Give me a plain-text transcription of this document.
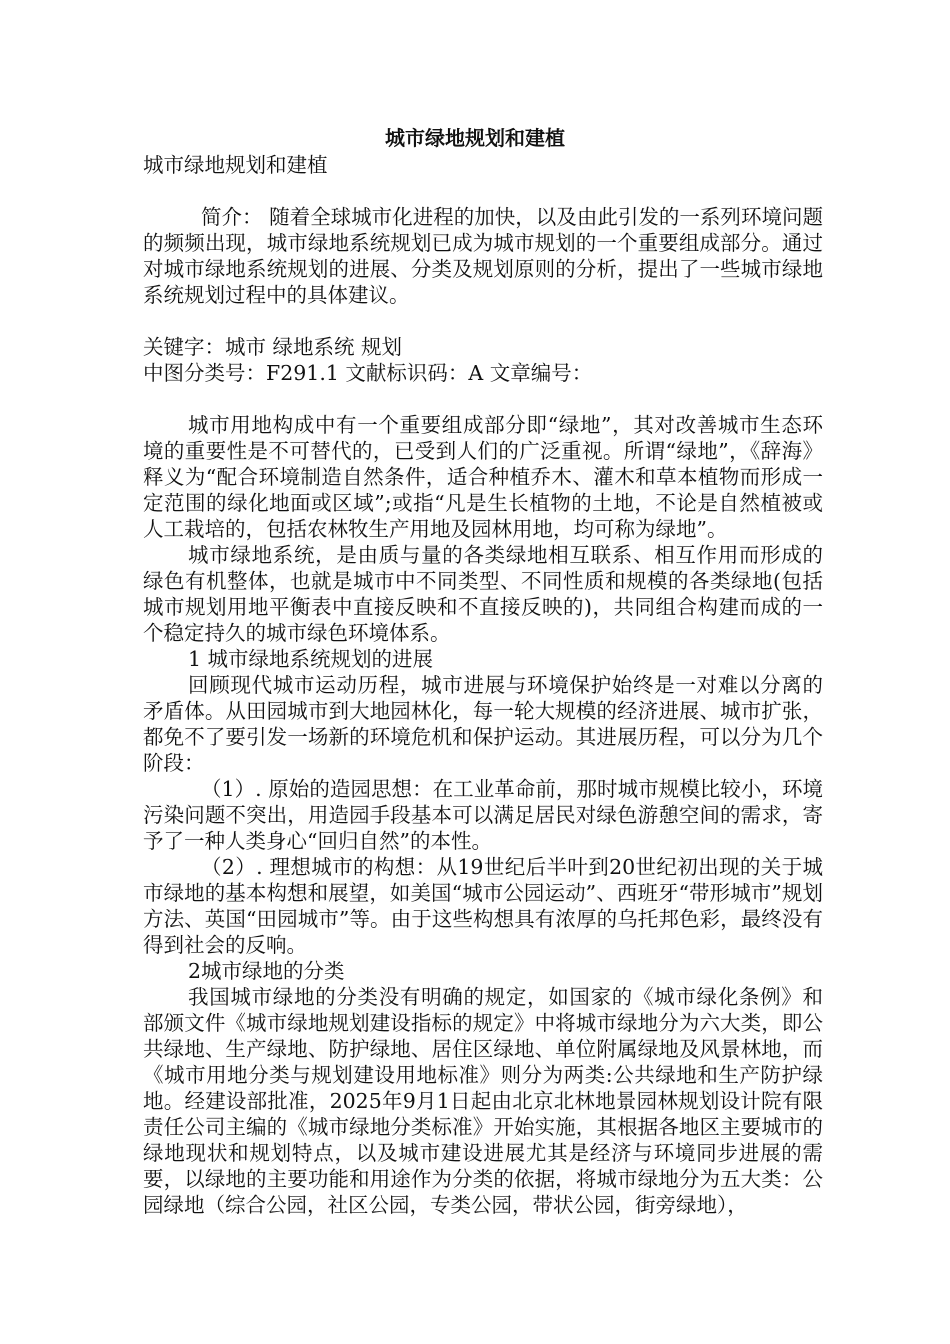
城市绿地规划和建植

城市绿地规划和建植

简介： 随着全球城市化进程的加快，以及由此引发的一系列环境问题的频频出现，城市绿地系统规划已成为城市规划的一个重要组成部分。通过对城市绿地系统规划的进展、分类及规划原则的分析，提出了一些城市绿地系统规划过程中的具体建议。

关键字：城市 绿地系统 规划

中图分类号：F291.1 文献标识码：A 文章编号：

城市用地构成中有一个重要组成部分即“绿地”，其对改善城市生态环境的重要性是不可替代的，已受到人们的广泛重视。所谓“绿地”，《辞海》释义为“配合环境制造自然条件，适合种植乔木、灌木和草本植物而形成一定范围的绿化地面或区域”;或指“凡是生长植物的土地，不论是自然植被或人工栽培的，包括农林牧生产用地及园林用地，均可称为绿地”。

城市绿地系统，是由质与量的各类绿地相互联系、相互作用而形成的绿色有机整体，也就是城市中不同类型、不同性质和规模的各类绿地(包括城市规划用地平衡表中直接反映和不直接反映的)，共同组合构建而成的一个稳定持久的城市绿色环境体系。

1 城市绿地系统规划的进展

回顾现代城市运动历程，城市进展与环境保护始终是一对难以分离的矛盾体。从田园城市到大地园林化，每一轮大规模的经济进展、城市扩张，都免不了要引发一场新的环境危机和保护运动。其进展历程，可以分为几个阶段：

（1）. 原始的造园思想：在工业革命前，那时城市规模比较小，环境污染问题不突出，用造园手段基本可以满足居民对绿色游憩空间的需求，寄予了一种人类身心“回归自然”的本性。

（2）. 理想城市的构想：从19世纪后半叶到20世纪初出现的关于城市绿地的基本构想和展望，如美国“城市公园运动”、西班牙“带形城市”规划方法、英国“田园城市”等。由于这些构想具有浓厚的乌托邦色彩，最终没有得到社会的反响。

2城市绿地的分类

我国城市绿地的分类没有明确的规定，如国家的《城市绿化条例》和部颁文件《城市绿地规划建设指标的规定》中将城市绿地分为六大类，即公共绿地、生产绿地、防护绿地、居住区绿地、单位附属绿地及风景林地，而《城市用地分类与规划建设用地标准》则分为两类:公共绿地和生产防护绿地。经建设部批准，2025年9月1日起由北京北林地景园林规划设计院有限责任公司主编的《城市绿地分类标准》开始实施，其根据各地区主要城市的绿地现状和规划特点，以及城市建设进展尤其是经济与环境同步进展的需要，以绿地的主要功能和用途作为分类的依据，将城市绿地分为五大类：公园绿地（综合公园，社区公园，专类公园，带状公园，街旁绿地），
